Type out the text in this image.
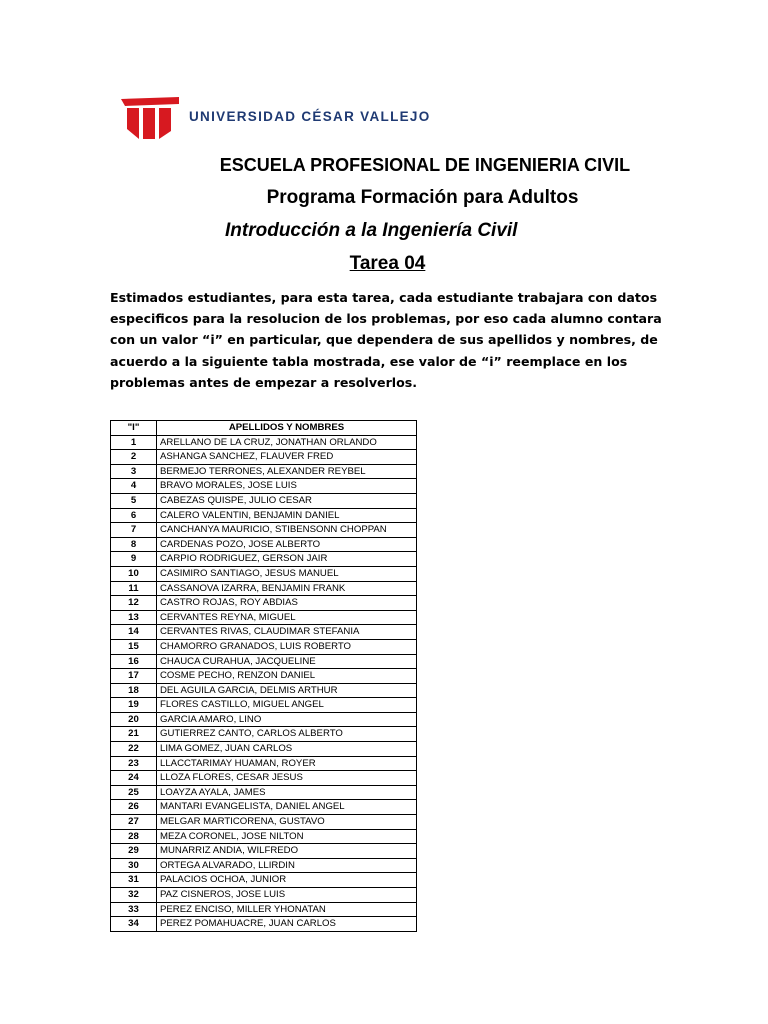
UNIVERSIDAD CÉSAR VALLEJO
ESCUELA PROFESIONAL DE INGENIERIA CIVIL
Programa Formación para Adultos
Introducción a la Ingeniería Civil
Tarea 04
Estimados estudiantes, para esta tarea, cada estudiante trabajara con datos especificos para la resolucion de los problemas, por eso cada alumno contara con un valor “i” en particular, que dependera de sus apellidos y nombres, de acuerdo a la siguiente tabla mostrada, ese valor de “i” reemplace en los problemas antes de empezar a resolverlos.
"I"	APELLIDOS Y NOMBRES
1	ARELLANO DE LA CRUZ, JONATHAN ORLANDO
2	ASHANGA SANCHEZ, FLAUVER FRED
3	BERMEJO TERRONES, ALEXANDER REYBEL
4	BRAVO MORALES, JOSE LUIS
5	CABEZAS QUISPE, JULIO CESAR
6	CALERO VALENTIN, BENJAMIN DANIEL
7	CANCHANYA MAURICIO, STIBENSONN CHOPPAN
8	CARDENAS POZO, JOSE ALBERTO
9	CARPIO RODRIGUEZ, GERSON JAIR
10	CASIMIRO SANTIAGO, JESUS MANUEL
11	CASSANOVA IZARRA, BENJAMIN FRANK
12	CASTRO ROJAS, ROY ABDIAS
13	CERVANTES REYNA, MIGUEL
14	CERVANTES RIVAS, CLAUDIMAR STEFANIA
15	CHAMORRO GRANADOS, LUIS ROBERTO
16	CHAUCA CURAHUA, JACQUELINE
17	COSME PECHO, RENZON DANIEL
18	DEL AGUILA GARCIA, DELMIS ARTHUR
19	FLORES CASTILLO, MIGUEL ANGEL
20	GARCIA AMARO, LINO
21	GUTIERREZ CANTO, CARLOS ALBERTO
22	LIMA GOMEZ, JUAN CARLOS
23	LLACCTARIMAY HUAMAN, ROYER
24	LLOZA FLORES, CESAR JESUS
25	LOAYZA AYALA, JAMES
26	MANTARI EVANGELISTA, DANIEL ANGEL
27	MELGAR MARTICORENA, GUSTAVO
28	MEZA CORONEL, JOSE NILTON
29	MUNARRIZ ANDIA, WILFREDO
30	ORTEGA ALVARADO, LLIRDIN
31	PALACIOS OCHOA, JUNIOR
32	PAZ CISNEROS, JOSE LUIS
33	PEREZ ENCISO, MILLER YHONATAN
34	PEREZ POMAHUACRE, JUAN CARLOS
